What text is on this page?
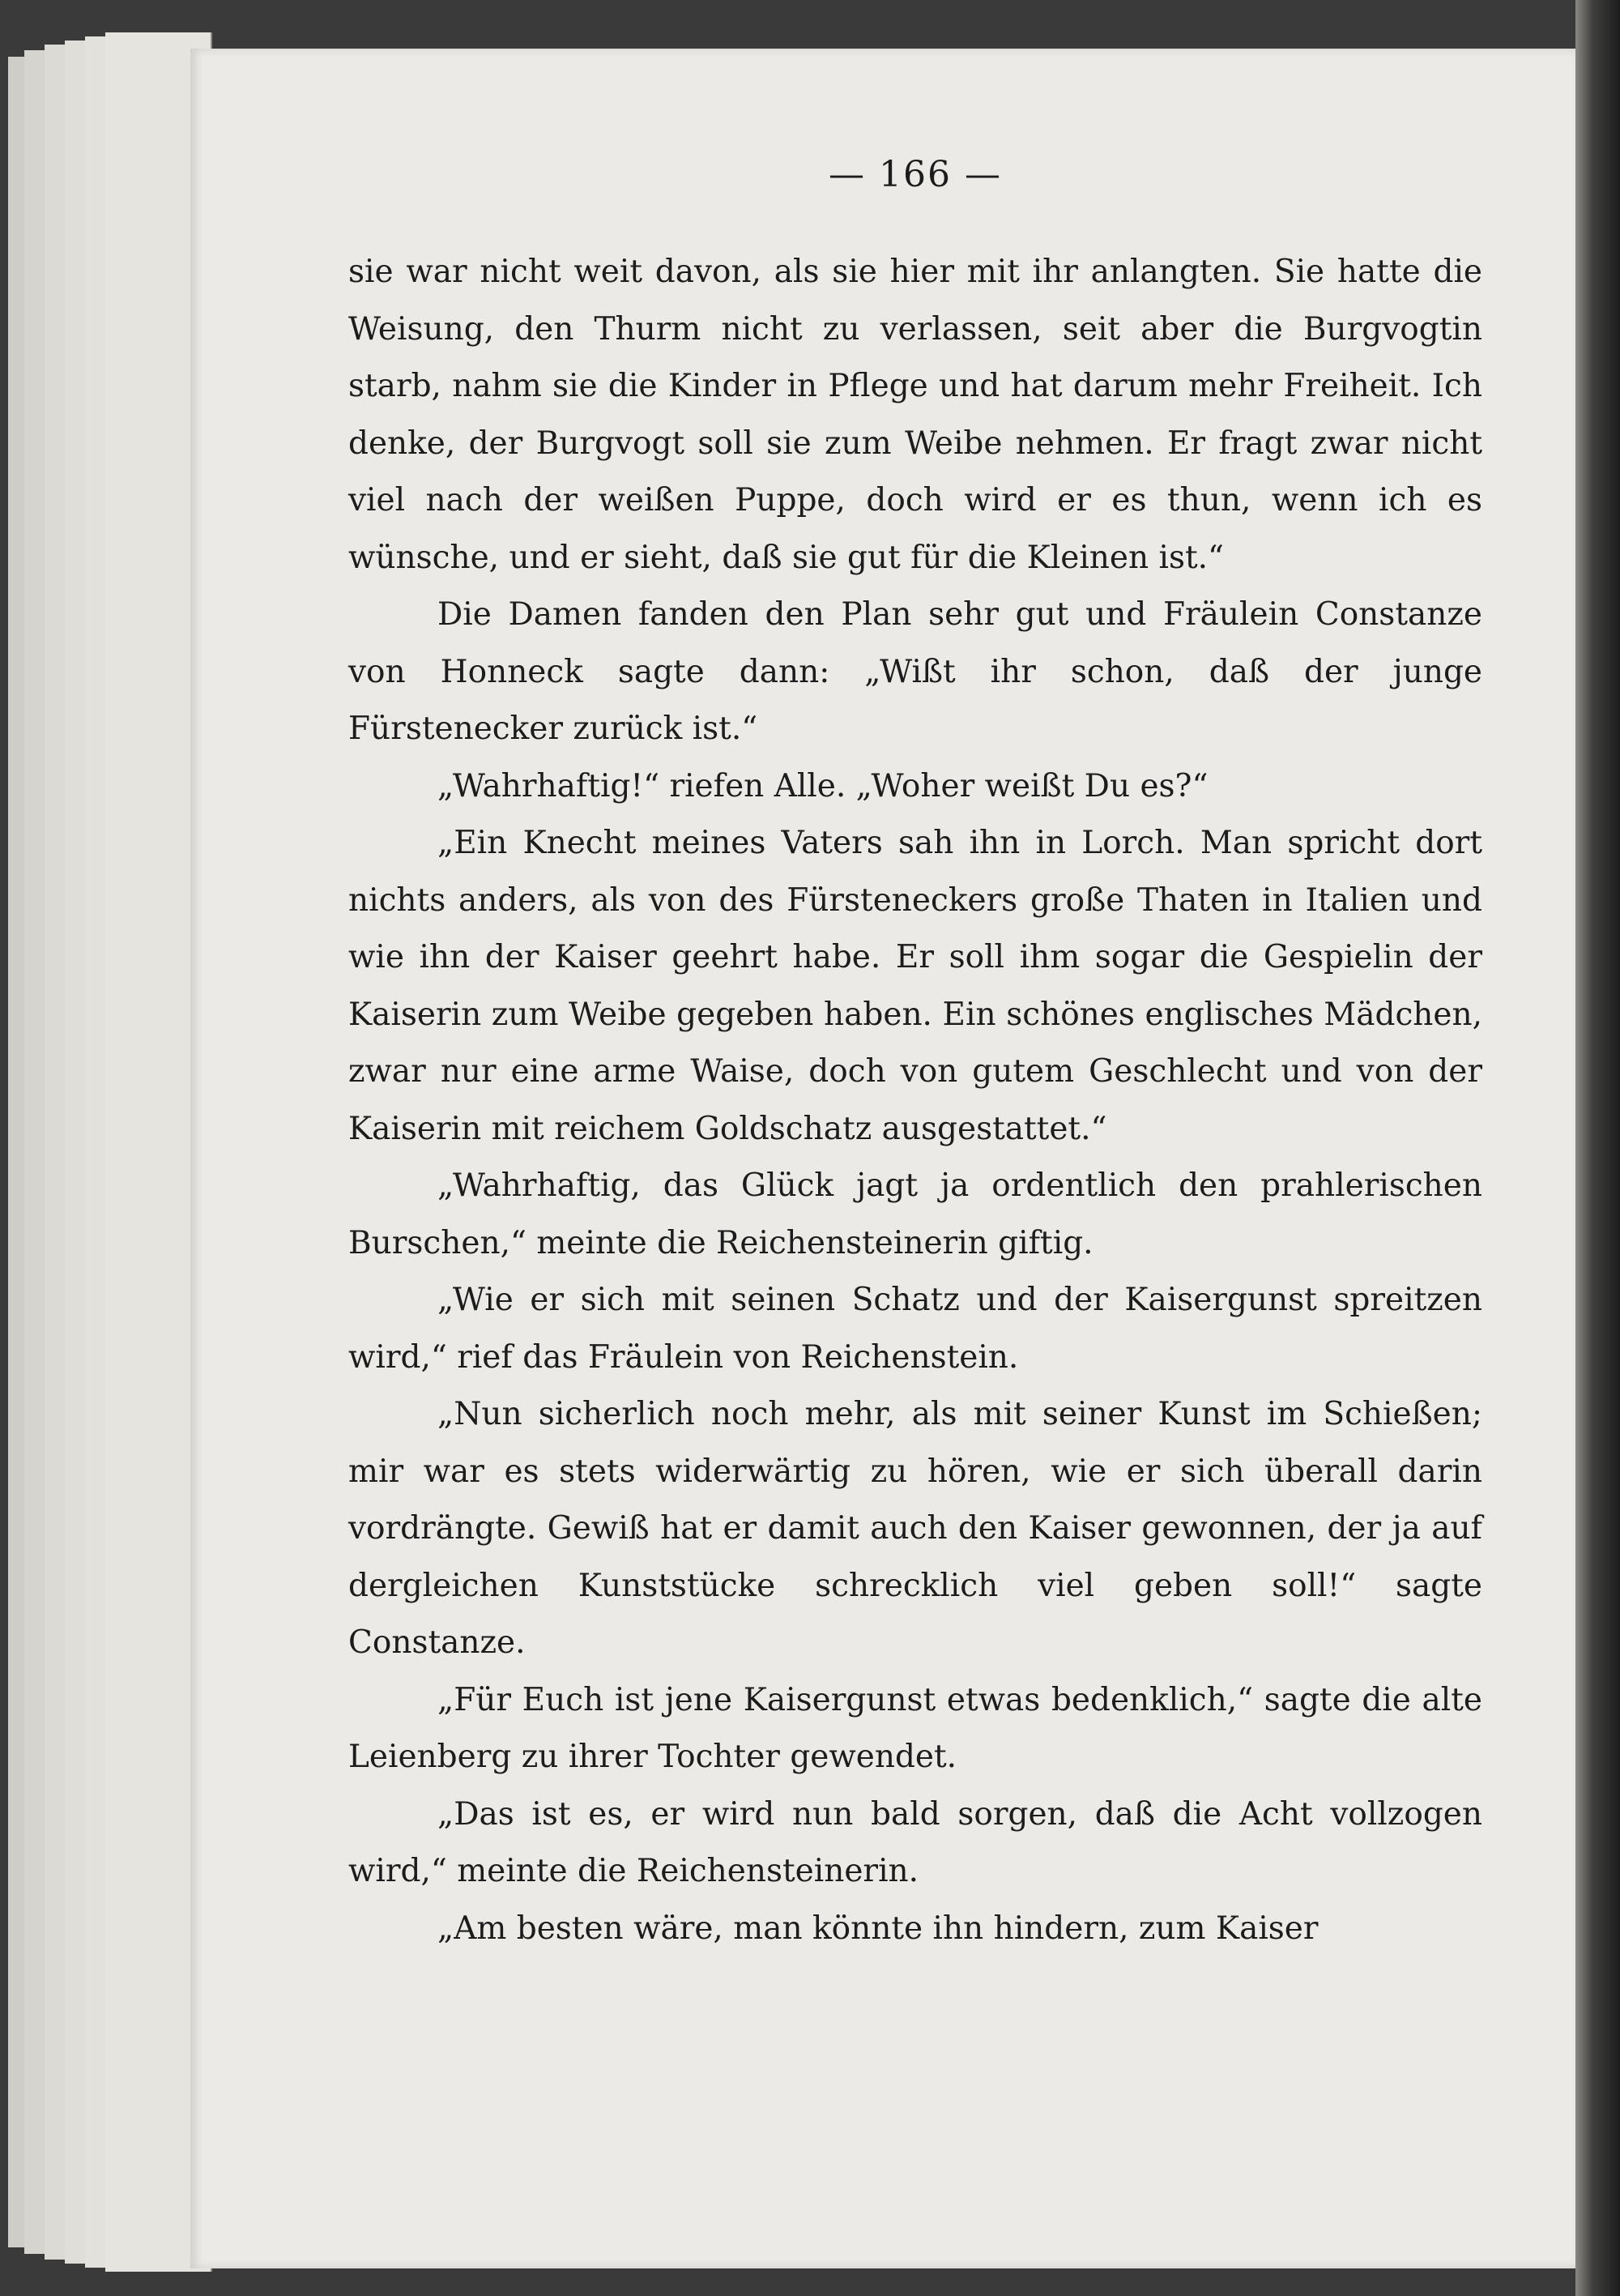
— 166 —

sie war nicht weit davon, als sie hier mit ihr anlangten. Sie hatte die Weisung, den Thurm nicht zu verlassen, seit aber die Burgvogtin starb, nahm sie die Kinder in Pflege und hat darum mehr Freiheit. Ich denke, der Burgvogt soll sie zum Weibe nehmen. Er fragt zwar nicht viel nach der weißen Puppe, doch wird er es thun, wenn ich es wünsche, und er sieht, daß sie gut für die Kleinen ist.“

Die Damen fanden den Plan sehr gut und Fräulein Constanze von Honneck sagte dann: „Wißt ihr schon, daß der junge Fürstenecker zurück ist.“

„Wahrhaftig!“ riefen Alle. „Woher weißt Du es?“

„Ein Knecht meines Vaters sah ihn in Lorch. Man spricht dort nichts anders, als von des Fürsteneckers große Thaten in Italien und wie ihn der Kaiser geehrt habe. Er soll ihm sogar die Gespielin der Kaiserin zum Weibe gegeben haben. Ein schönes englisches Mädchen, zwar nur eine arme Waise, doch von gutem Geschlecht und von der Kaiserin mit reichem Goldschatz ausgestattet.“

„Wahrhaftig, das Glück jagt ja ordentlich den prahlerischen Burschen,“ meinte die Reichensteinerin giftig.

„Wie er sich mit seinen Schatz und der Kaisergunst spreitzen wird,“ rief das Fräulein von Reichenstein.

„Nun sicherlich noch mehr, als mit seiner Kunst im Schießen; mir war es stets widerwärtig zu hören, wie er sich überall darin vordrängte. Gewiß hat er damit auch den Kaiser gewonnen, der ja auf dergleichen Kunststücke schrecklich viel geben soll!“ sagte Constanze.

„Für Euch ist jene Kaisergunst etwas bedenklich,“ sagte die alte Leienberg zu ihrer Tochter gewendet.

„Das ist es, er wird nun bald sorgen, daß die Acht vollzogen wird,“ meinte die Reichensteinerin.

„Am besten wäre, man könnte ihn hindern, zum Kaiser
